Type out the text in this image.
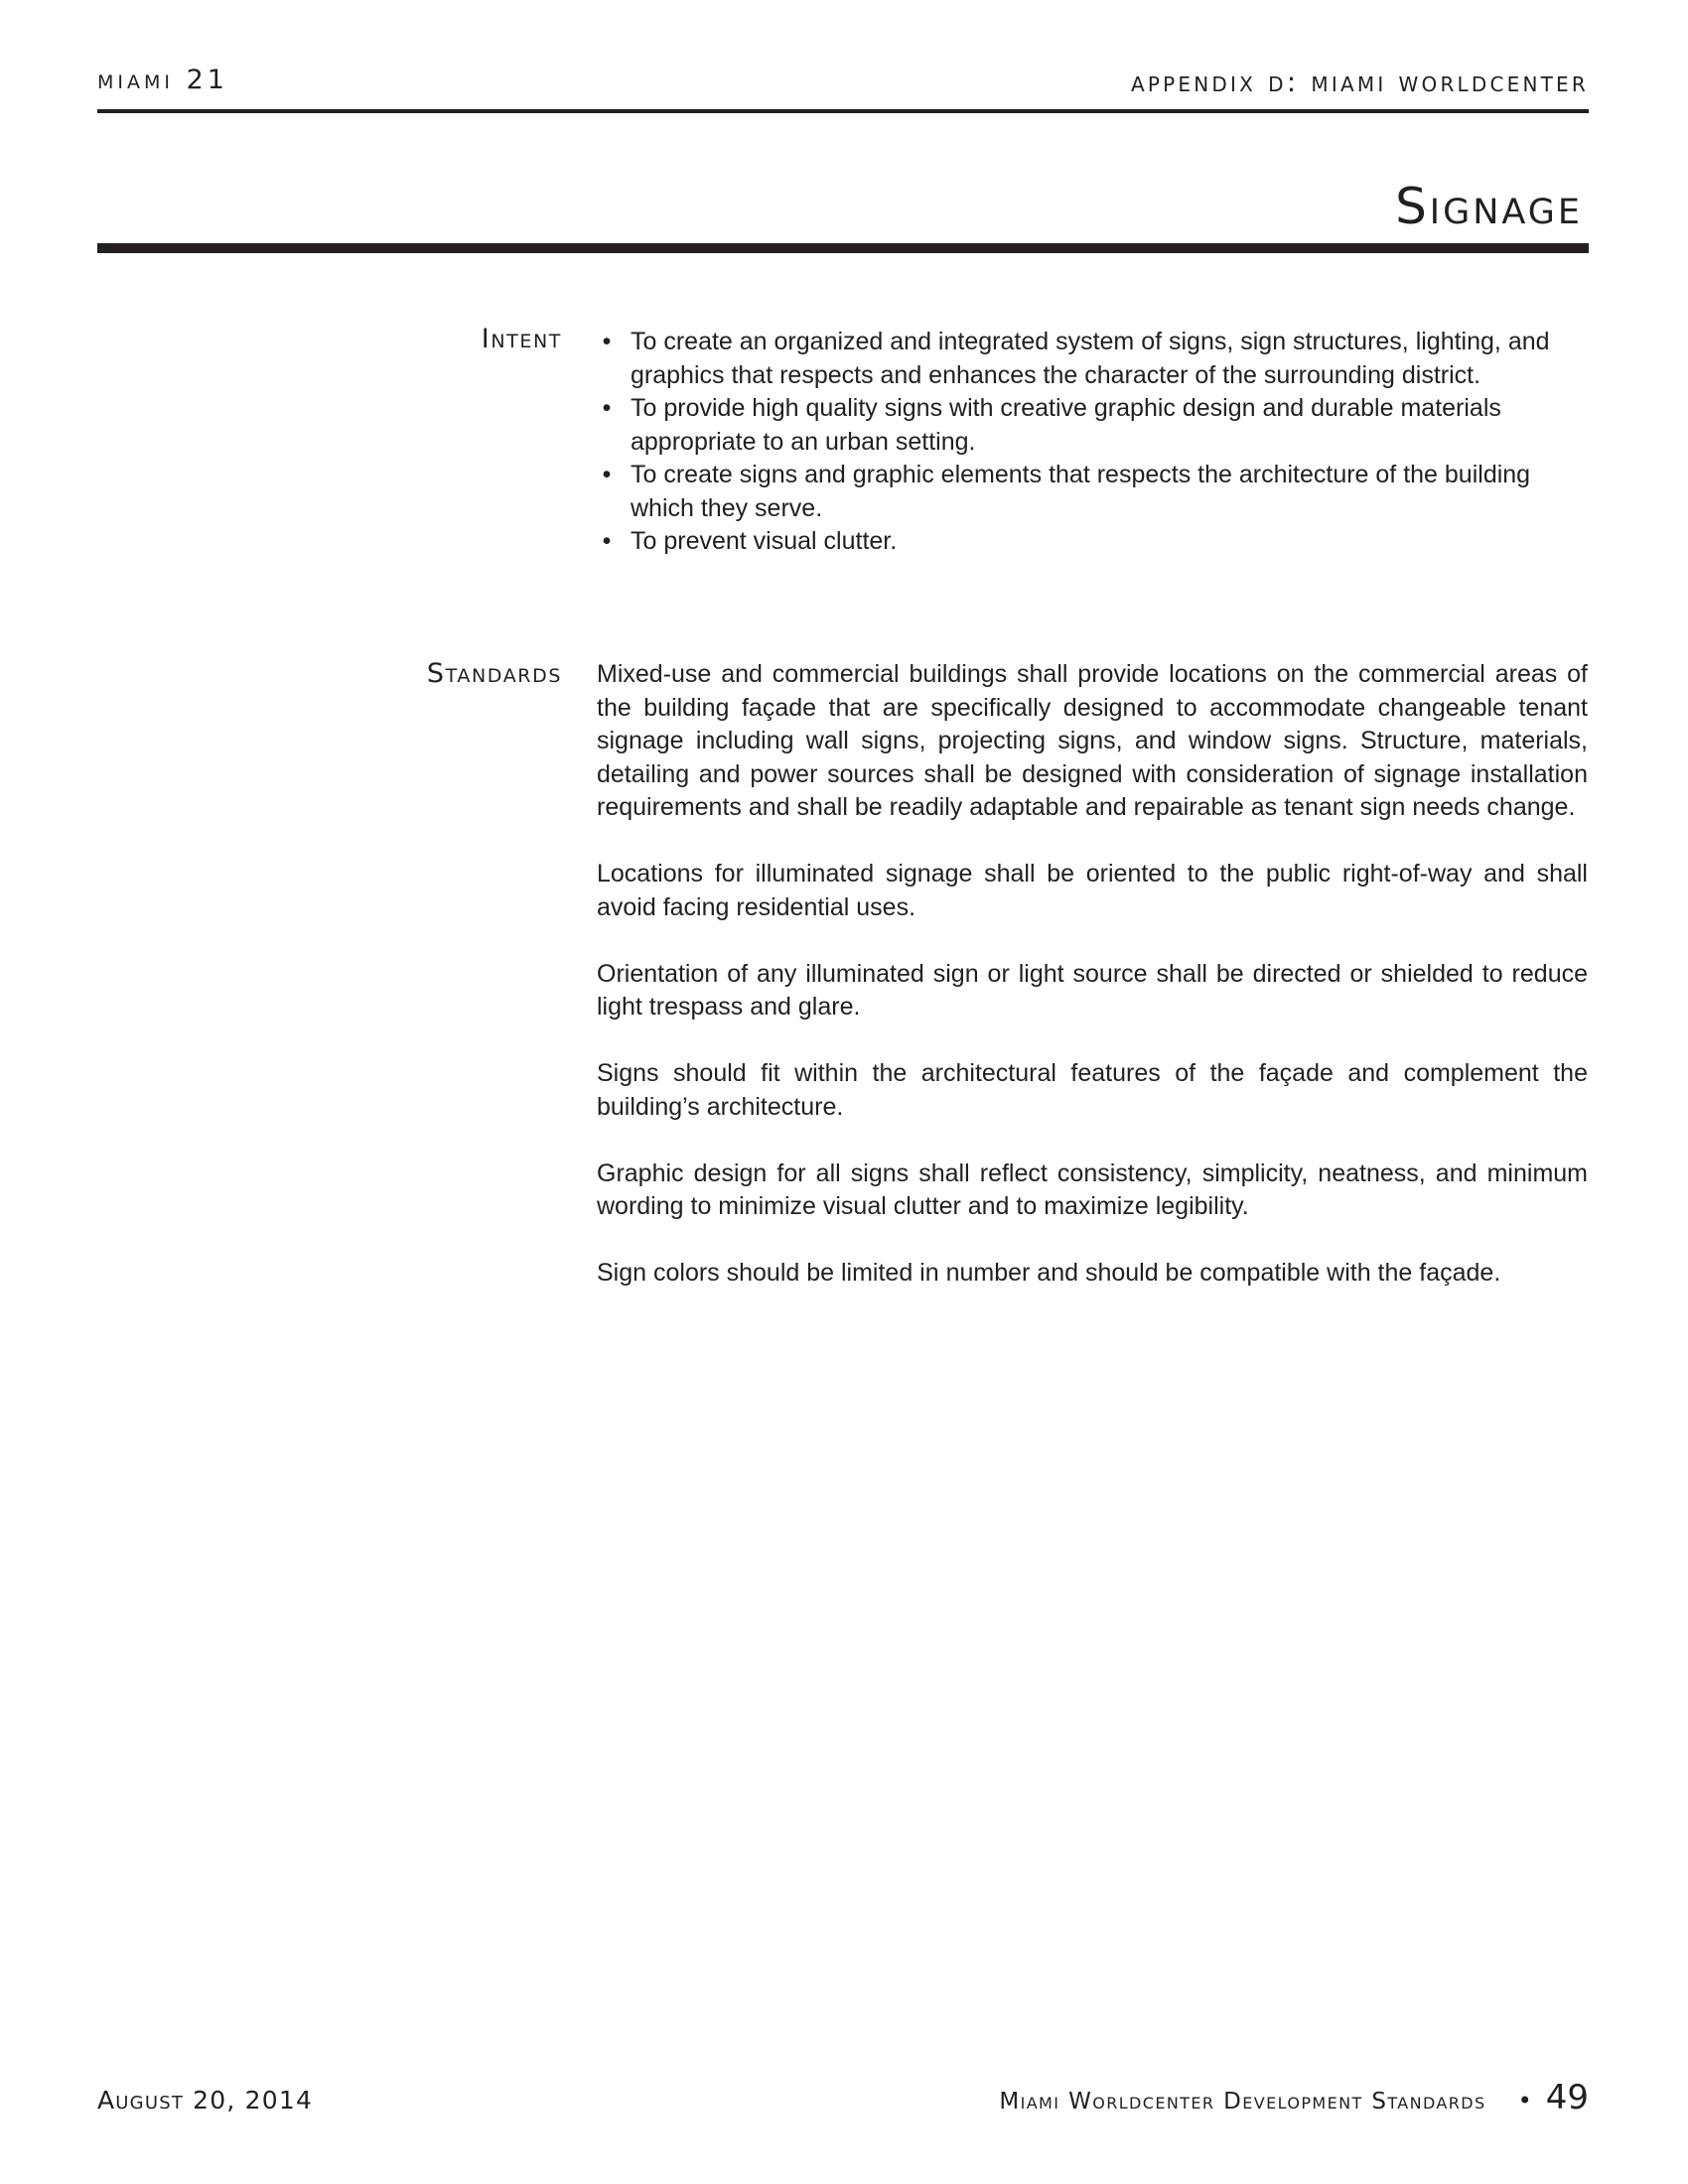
miami 21	appendix d: miami worldcenter
Signage
Intent • To create an organized and integrated system of signs, sign structures, lighting, and graphics that respects and enhances the character of the surrounding district.
• To provide high quality signs with creative graphic design and durable materials appropriate to an urban setting.
• To create signs and graphic elements that respects the architecture of the building which they serve.
• To prevent visual clutter.
Standards Mixed-use and commercial buildings shall provide locations on the commercial areas of the building façade that are specifically designed to accommodate changeable tenant signage including wall signs, projecting signs, and window signs. Structure, materials, detailing and power sources shall be designed with consideration of signage installation requirements and shall be readily adaptable and repairable as tenant sign needs change.

Locations for illuminated signage shall be oriented to the public right-of-way and shall avoid facing residential uses.

Orientation of any illuminated sign or light source shall be directed or shielded to reduce light trespass and glare.

Signs should fit within the architectural features of the façade and complement the building’s architecture.

Graphic design for all signs shall reflect consistency, simplicity, neatness, and minimum wording to minimize visual clutter and to maximize legibility.

Sign colors should be limited in number and should be compatible with the façade.

August 20, 2014	Miami Worldcenter Development Standards	• 49
